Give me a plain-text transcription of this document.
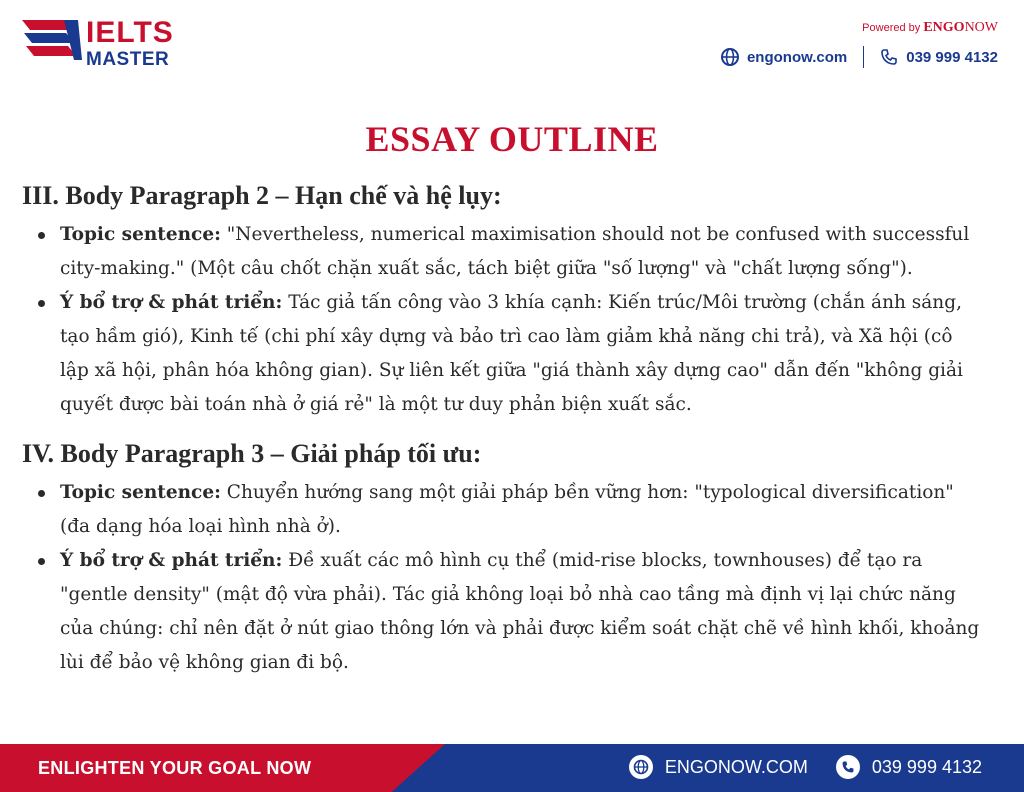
IELTS
MASTER
Powered by ENGONOW
engonow.com	039 999 4132
ESSAY OUTLINE
III. Body Paragraph 2 – Hạn chế và hệ lụy:
Topic sentence: "Nevertheless, numerical maximisation should not be confused with successful city-making." (Một câu chốt chặn xuất sắc, tách biệt giữa "số lượng" và "chất lượng sống").
Ý bổ trợ & phát triển: Tác giả tấn công vào 3 khía cạnh: Kiến trúc/Môi trường (chắn ánh sáng, tạo hầm gió), Kinh tế (chi phí xây dựng và bảo trì cao làm giảm khả năng chi trả), và Xã hội (cô lập xã hội, phân hóa không gian). Sự liên kết giữa "giá thành xây dựng cao" dẫn đến "không giải quyết được bài toán nhà ở giá rẻ" là một tư duy phản biện xuất sắc.
IV. Body Paragraph 3 – Giải pháp tối ưu:
Topic sentence: Chuyển hướng sang một giải pháp bền vững hơn: "typological diversification" (đa dạng hóa loại hình nhà ở).
Ý bổ trợ & phát triển: Đề xuất các mô hình cụ thể (mid-rise blocks, townhouses) để tạo ra "gentle density" (mật độ vừa phải). Tác giả không loại bỏ nhà cao tầng mà định vị lại chức năng của chúng: chỉ nên đặt ở nút giao thông lớn và phải được kiểm soát chặt chẽ về hình khối, khoảng lùi để bảo vệ không gian đi bộ.
ENLIGHTEN YOUR GOAL NOW	ENGONOW.COM	039 999 4132
